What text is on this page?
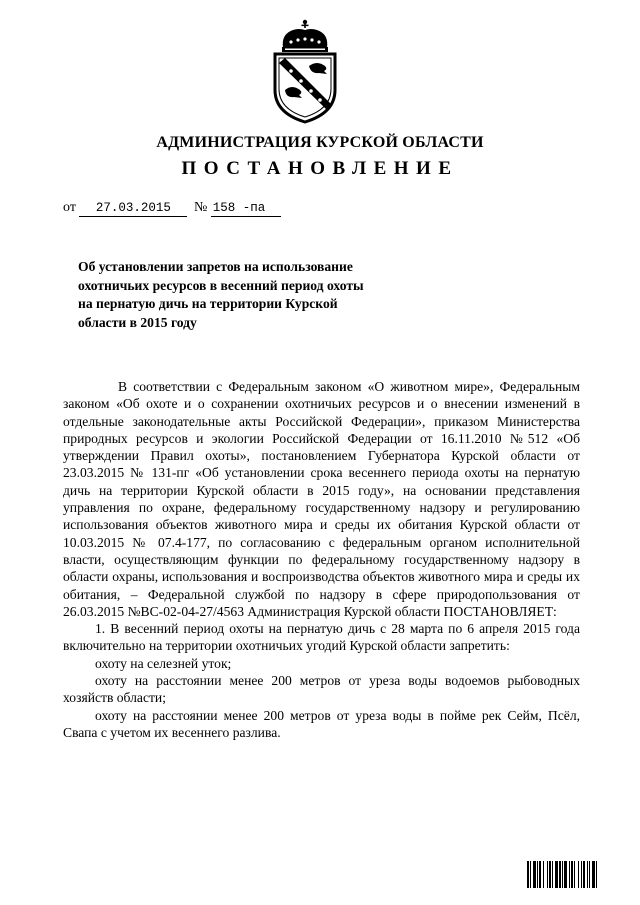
АДМИНИСТРАЦИЯ КУРСКОЙ ОБЛАСТИ
ПОСТАНОВЛЕНИЕ
от 27.03.2015 № 158 -па
Об установлении запретов на использование охотничьих ресурсов в весенний период охоты на пернатую дичь на территории Курской области в 2015 году

В соответствии с Федеральным законом «О животном мире», Федеральным законом «Об охоте и о сохранении охотничьих ресурсов и о внесении изменений в отдельные законодательные акты Российской Федерации», приказом Министерства природных ресурсов и экологии Российской Федерации от 16.11.2010 №512 «Об утверждении Правил охоты», постановлением Губернатора Курской области от 23.03.2015 № 131-пг «Об установлении срока весеннего периода охоты на пернатую дичь на территории Курской области в 2015 году», на основании представления управления по охране, федеральному государственному надзору и регулированию использования объектов животного мира и среды их обитания Курской области от 10.03.2015 № 07.4-177, по согласованию с федеральным органом исполнительной власти, осуществляющим функции по федеральному государственному надзору в области охраны, использования и воспроизводства объектов животного мира и среды их обитания, – Федеральной службой по надзору в сфере природопользования от 26.03.2015 №ВС-02-04-27/4563 Администрация Курской области ПОСТАНОВЛЯЕТ:

1. В весенний период охоты на пернатую дичь с 28 марта по 6 апреля 2015 года включительно на территории охотничьих угодий Курской области запретить:

охоту на селезней уток;

охоту на расстоянии менее 200 метров от уреза воды водоемов рыбоводных хозяйств области;

охоту на расстоянии менее 200 метров от уреза воды в пойме рек Сейм, Псёл, Свапа с учетом их весеннего разлива.
